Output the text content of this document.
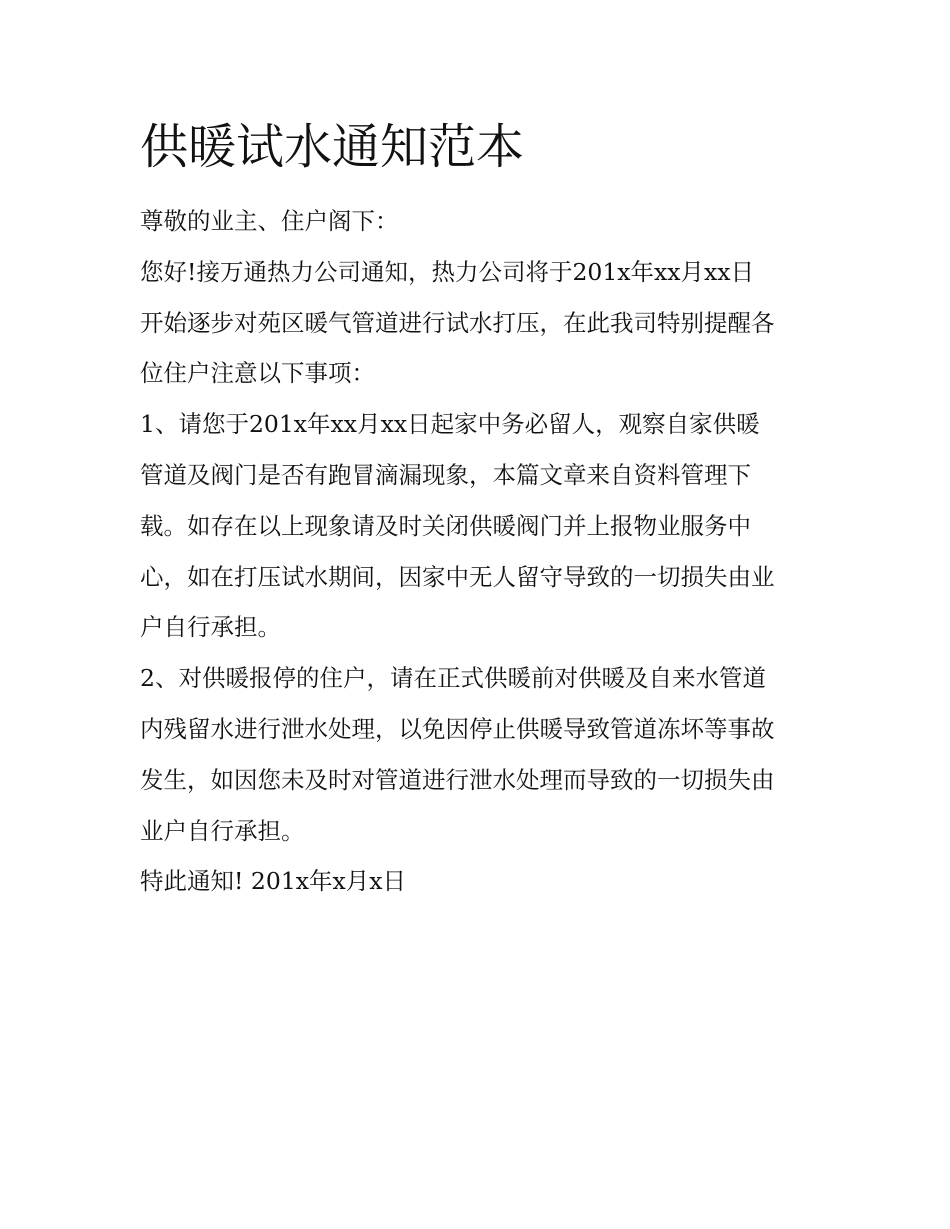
供暖试水通知范本

尊敬的业主、住户阁下：

您好!接万通热力公司通知，热力公司将于201x年xx月xx日
开始逐步对苑区暖气管道进行试水打压，在此我司特别提醒各
位住户注意以下事项：

1、请您于201x年xx月xx日起家中务必留人，观察自家供暖
管道及阀门是否有跑冒滴漏现象，本篇文章来自资料管理下
载。如存在以上现象请及时关闭供暖阀门并上报物业服务中
心，如在打压试水期间，因家中无人留守导致的一切损失由业
户自行承担。

2、对供暖报停的住户，请在正式供暖前对供暖及自来水管道
内残留水进行泄水处理，以免因停止供暖导致管道冻坏等事故
发生，如因您未及时对管道进行泄水处理而导致的一切损失由
业户自行承担。

特此通知! 201x年x月x日
